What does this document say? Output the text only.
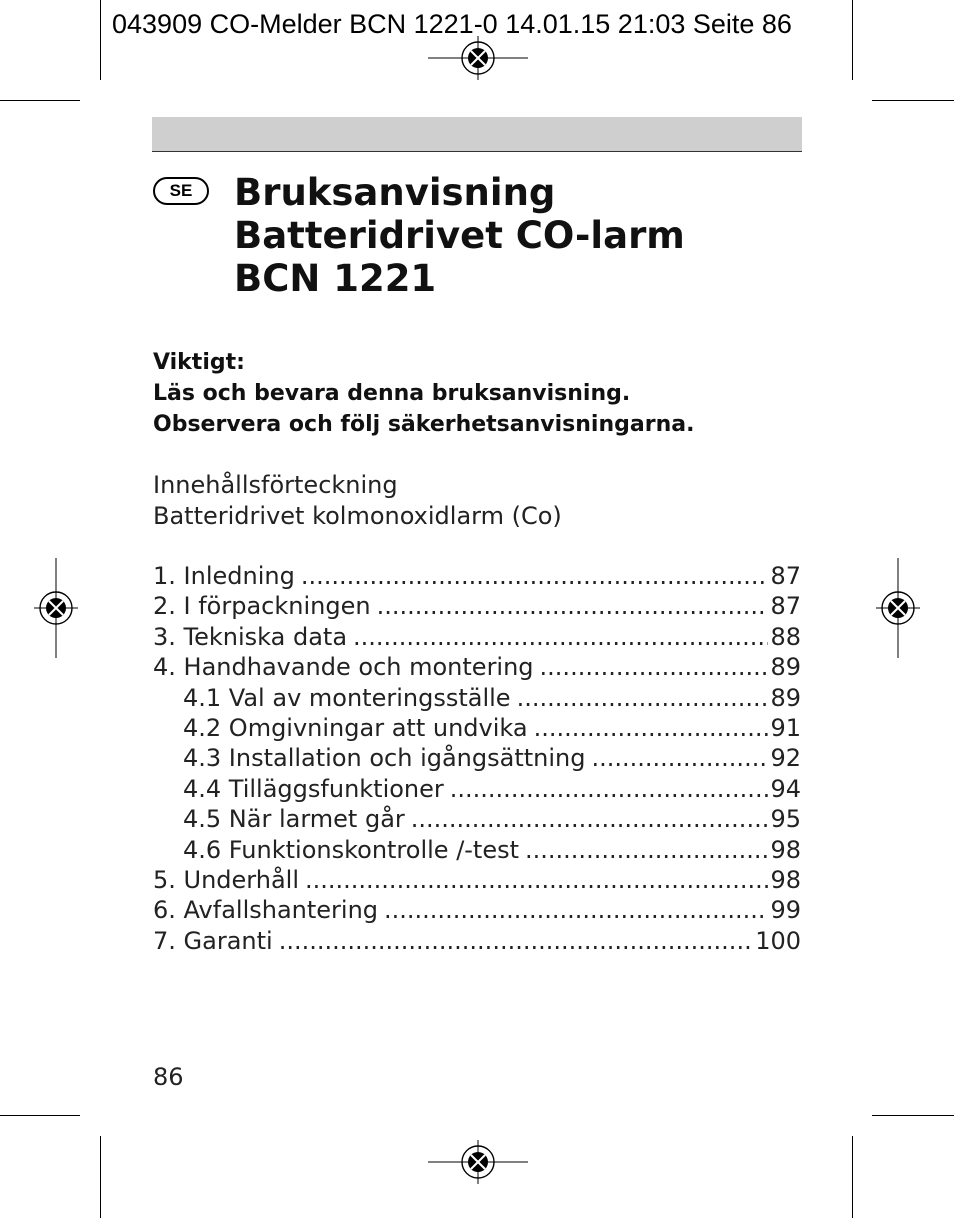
043909 CO-Melder BCN 1221-0 14.01.15 21:03 Seite 86
SE	Bruksanvisning
Batteridrivet CO-larm
BCN 1221
Viktigt:
Läs och bevara denna bruksanvisning.
Observera och följ säkerhetsanvisningarna.
Innehållsförteckning
Batteridrivet kolmonoxidlarm (Co)
1. Inledning .....	87
2. I förpackningen .....	87
3. Tekniska data .....	88
4. Handhavande och montering .....	89
4.1 Val av monteringsställe .....	89
4.2 Omgivningar att undvika .....	91
4.3 Installation och igångsättning .....	92
4.4 Tilläggsfunktioner .....	94
4.5 När larmet går .....	95
4.6 Funktionskontrolle /-test .....	98
5. Underhåll .....	98
6. Avfallshantering .....	99
7. Garanti .....	100
86
